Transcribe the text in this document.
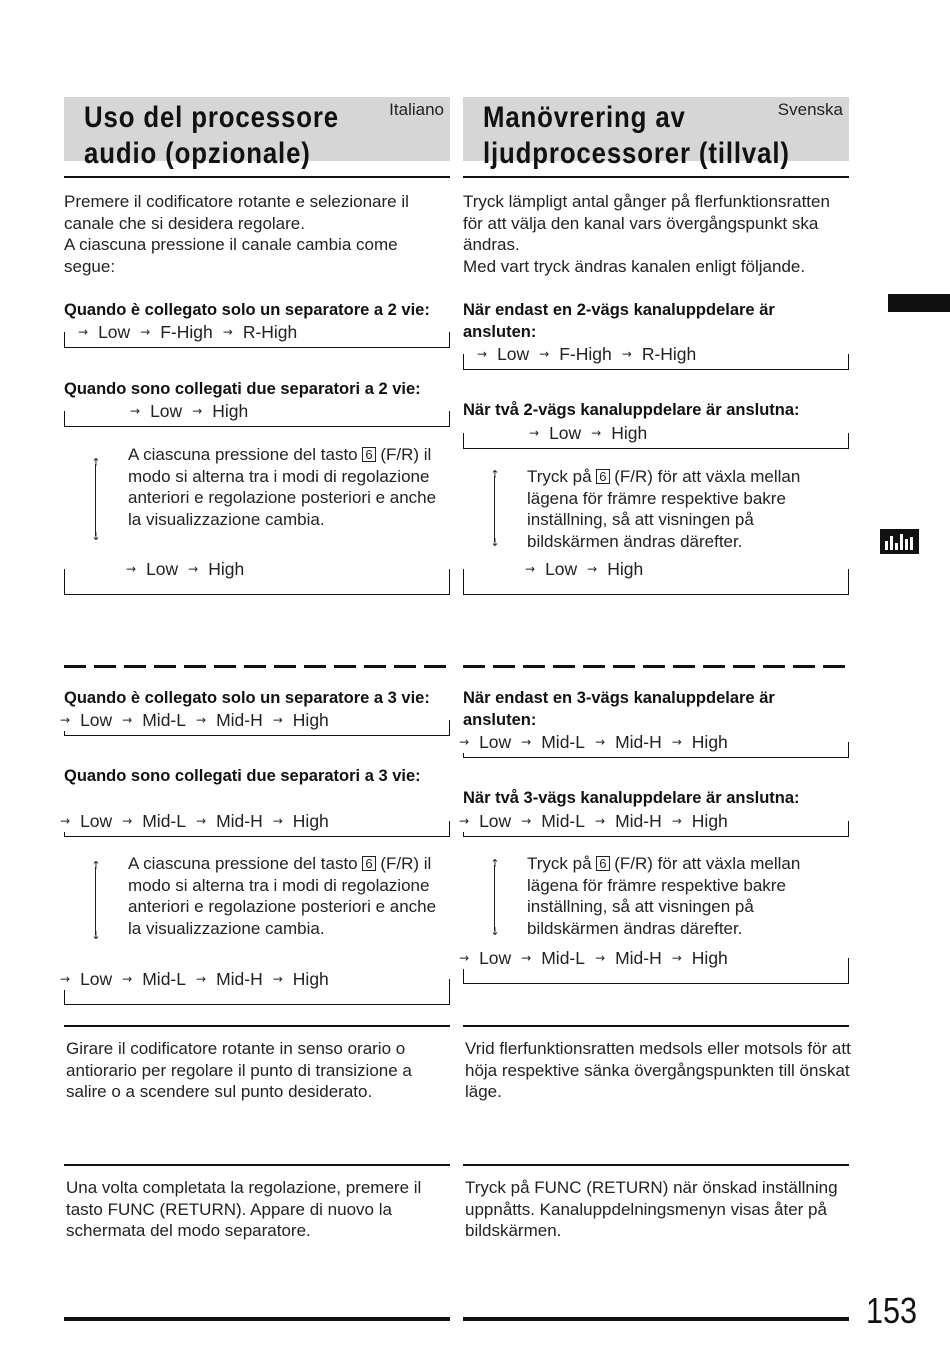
Uso del processore
audio (opzionale)
Italiano
Premere il codificatore rotante e selezionare il canale che si desidera regolare.
A ciascuna pressione il canale cambia come segue:
Quando è collegato solo un separatore a 2 vie:
→ Low → F-High → R-High
Quando sono collegati due separatori a 2 vie:
→ Low → High
↑
↓
A ciascuna pressione del tasto 6 (F/R) il modo si alterna tra i modi di regolazione anteriori e regolazione posteriori e anche la visualizzazione cambia.
→ Low → High
Quando è collegato solo un separatore a 3 vie:
→ Low → Mid-L → Mid-H → High
Quando sono collegati due separatori a 3 vie:
→ Low → Mid-L → Mid-H → High
↑
↓
A ciascuna pressione del tasto 6 (F/R) il modo si alterna tra i modi di regolazione anteriori e regolazione posteriori e anche la visualizzazione cambia.
→ Low → Mid-L → Mid-H → High
Girare il codificatore rotante in senso orario o antiorario per regolare il punto di transizione a salire o a scendere sul punto desiderato.
Una volta completata la regolazione, premere il tasto FUNC (RETURN). Appare di nuovo la schermata del modo separatore.
Manövrering av
ljudprocessorer (tillval)
Svenska
Tryck lämpligt antal gånger på flerfunktionsratten för att välja den kanal vars övergångspunkt ska ändras.
Med vart tryck ändras kanalen enligt följande.
När endast en 2-vägs kanaluppdelare är ansluten:
→ Low → F-High → R-High
När två 2-vägs kanaluppdelare är anslutna:
→ Low → High
↑
↓
Tryck på 6 (F/R) för att växla mellan lägena för främre respektive bakre inställning, så att visningen på bildskärmen ändras därefter.
→ Low → High
När endast en 3-vägs kanaluppdelare är ansluten:
→ Low → Mid-L → Mid-H → High
När två 3-vägs kanaluppdelare är anslutna:
→ Low → Mid-L → Mid-H → High
↑
↓
Tryck på 6 (F/R) för att växla mellan lägena för främre respektive bakre inställning, så att visningen på bildskärmen ändras därefter.
→ Low → Mid-L → Mid-H → High
Vrid flerfunktionsratten medsols eller motsols för att höja respektive sänka övergångspunkten till önskat läge.
Tryck på FUNC (RETURN) när önskad inställning uppnåtts. Kanaluppdelningsmenyn visas åter på bildskärmen.
153
